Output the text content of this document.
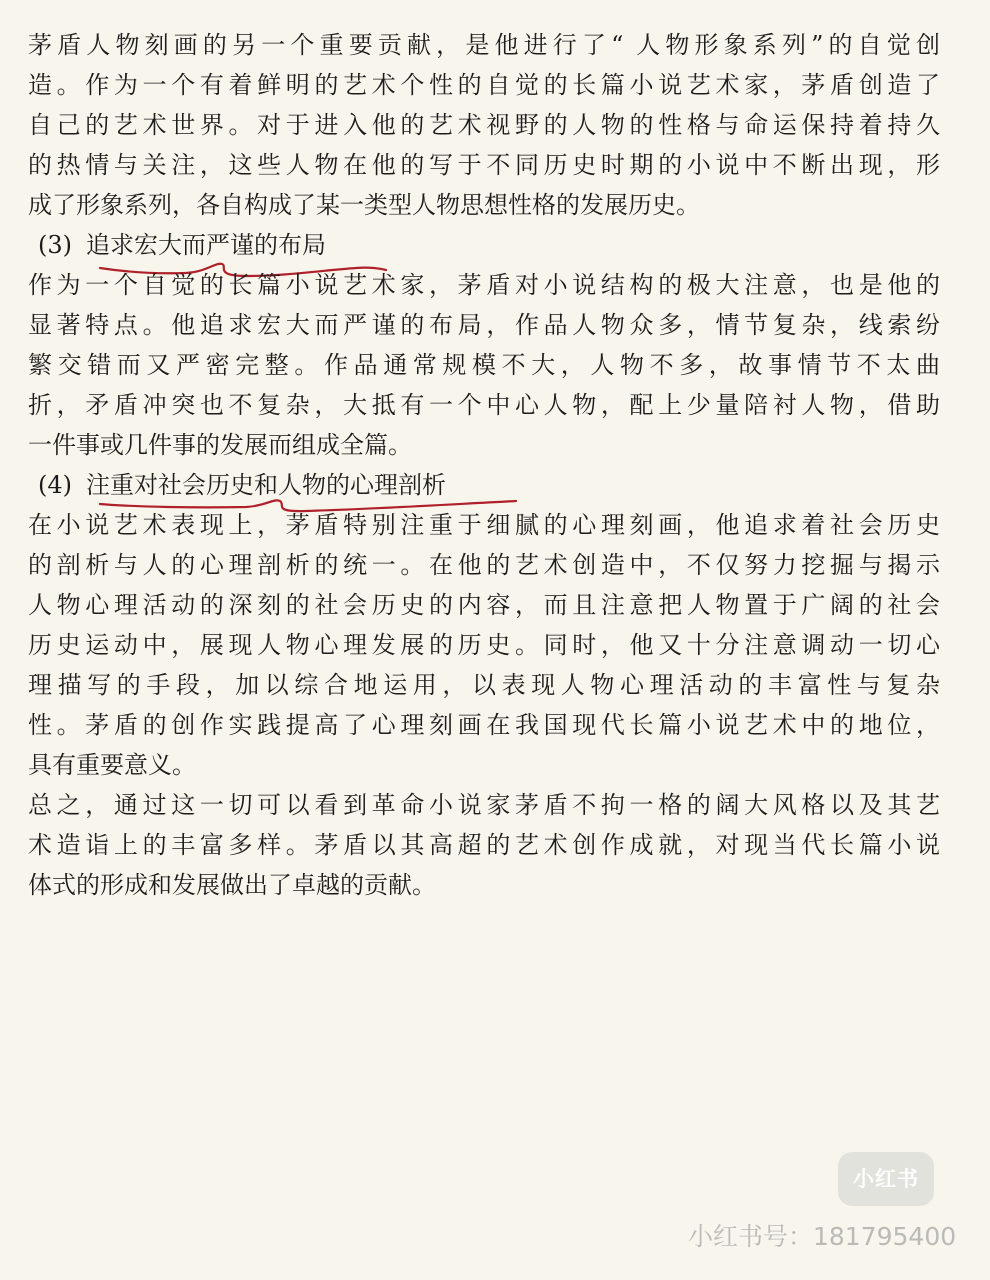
茅盾人物刻画的另一个重要贡献，是他进行了“ 人物形象系列”的自觉创
造。作为一个有着鲜明的艺术个性的自觉的长篇小说艺术家，茅盾创造了
自己的艺术世界。对于进入他的艺术视野的人物的性格与命运保持着持久
的热情与关注，这些人物在他的写于不同历史时期的小说中不断出现，形
成了形象系列，各自构成了某一类型人物思想性格的发展历史。
(3) 追求宏大而严谨的布局
作为一个自觉的长篇小说艺术家，茅盾对小说结构的极大注意，也是他的
显著特点。他追求宏大而严谨的布局，作品人物众多，情节复杂，线索纷
繁交错而又严密完整。作品通常规模不大，人物不多，故事情节不太曲
折，矛盾冲突也不复杂，大抵有一个中心人物，配上少量陪衬人物，借助
一件事或几件事的发展而组成全篇。
(4) 注重对社会历史和人物的心理剖析
在小说艺术表现上，茅盾特别注重于细腻的心理刻画，他追求着社会历史
的剖析与人的心理剖析的统一。在他的艺术创造中，不仅努力挖掘与揭示
人物心理活动的深刻的社会历史的内容，而且注意把人物置于广阔的社会
历史运动中，展现人物心理发展的历史。同时，他又十分注意调动一切心
理描写的手段，加以综合地运用，以表现人物心理活动的丰富性与复杂
性。茅盾的创作实践提高了心理刻画在我国现代长篇小说艺术中的地位，
具有重要意义。
总之，通过这一切可以看到革命小说家茅盾不拘一格的阔大风格以及其艺
术造诣上的丰富多样。茅盾以其高超的艺术创作成就，对现当代长篇小说
体式的形成和发展做出了卓越的贡献。
小红书
小红书号：181795400
